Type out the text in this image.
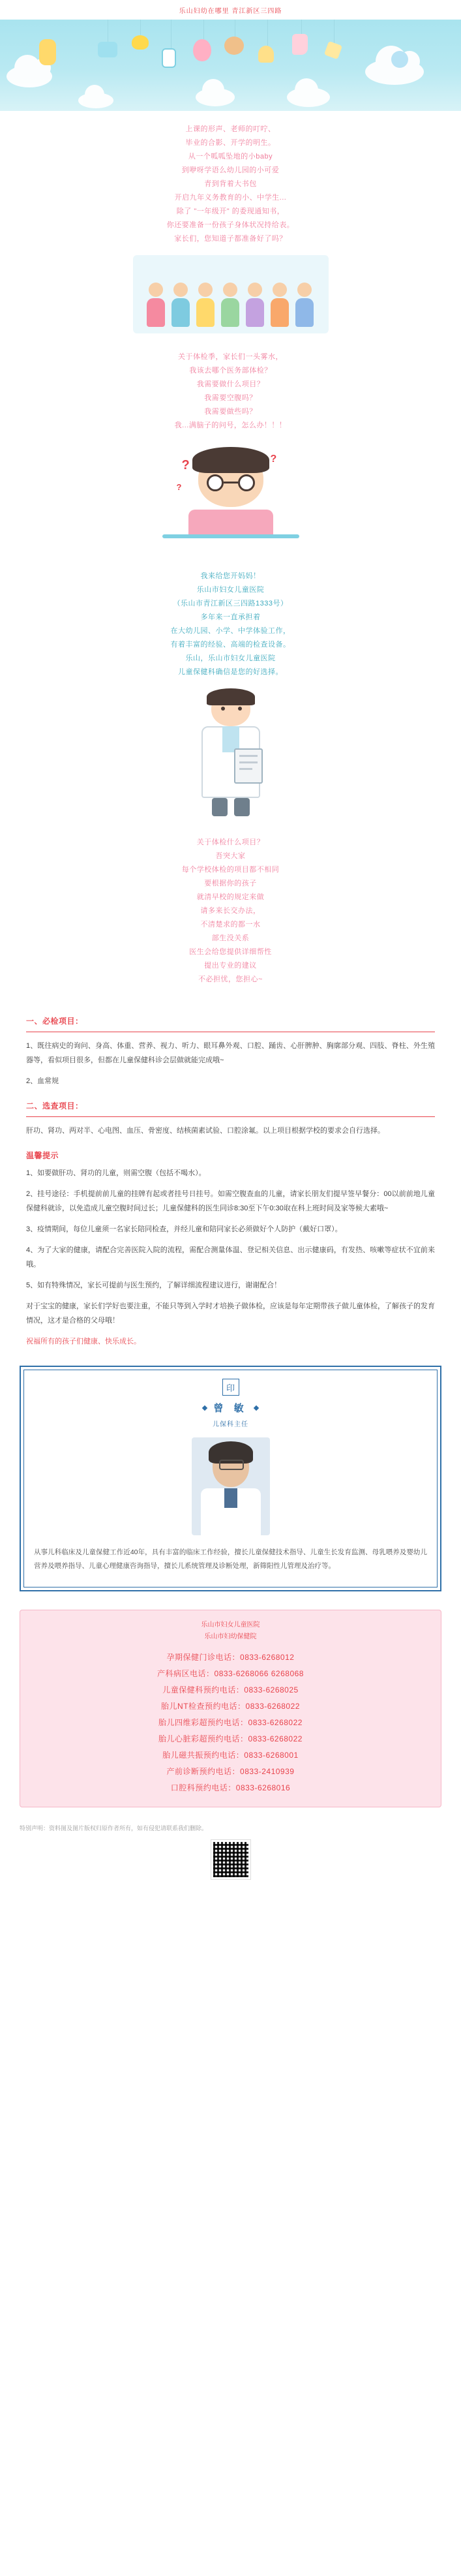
乐山妇幼在哪里 青江新区三四路
上课的形声、老师的叮咛、
毕业的合影、开学的明生。
从一个呱呱坠地的小baby
到咿呀学语么幼儿园的小可爱
青到背着大书包
开启九年义务教育的小、中学生...
除了 "一年级开" 的委现通知书，
你还要准备一份孩子身体状况持给表。
家长们，您知道子都准备好了吗？
关于体检季，家长们一头雾水，
我该去哪个医务部体检？
我需要做什么项目？
我需要空腹吗？
我需要做些吗？
我...满脑子的问号，怎么办！！！
?	?
?
我来给您开妈妈！
乐山市妇女儿童医院
（乐山市青江新区三四路1333号）
多年来一直承担着
在大幼儿园、小学、中学体验工作，
有着丰富的经验、高端的检查设备。
乐山，乐山市妇女儿童医院
儿童保健科确信是您的好选择。
关于体检什么项目？
吾突大家
每个学校体检的项目都不相同
要根据你的孩子
就清早校的规定来做
请多来长交办法，
不清楚求的都一水
部生没关系
医生会给您提供详细帮性
提出专业的建议
不必担忧，您担心~
一、必检项目：
1、既往病史的询问、身高、体重、营养、视力、听力、眼耳鼻外观、口腔、踊齿、心肝脾肿、胸廓部分观、四肢、脊柱、外生殖器等，看似项目很多，但都在儿童保健科诊会层做就能完成哦~
2、血常规
二、选查项目：
肝功、肾功、两对半、心电图、血压、骨密度、结核菌素试验、口腔涂氟。以上项目根据学校的要求会自行选择。
温馨提示
1、如要做肝功、肾功的儿童，则需空腹（包括不喝水）。
2、挂号途径：手机提前前儿童的挂牌有起或者挂号日挂号。如需空腹查血的儿童，请家长朋友们提早签早餐分：00以前前地儿童保健科就诊，以免造成儿童空腹时间过长；儿童保健科的医生同诊8:30至下午0:30取在科上班时间及家等候大素哦~
3、疫情期间，每位儿童须一名家长陪同检查，并经儿童和陪同家长必须做好个人防护（戴好口罩）。
4、为了大家的健康，请配合完善医院入院的流程，需配合测量体温、登记相关信息、出示健康码，有发热、咳嗽等症状不宜前来哦。
5、如有特殊情况，家长可提前与医生预约，了解详细流程建议进行，谢谢配合！
对于宝宝的健康，家长们学好也要注重，不能只等到入学时才培换子做体检，应该是每年定期带孩子做儿童体检，了解孩子的发育情况，这才是合格的父母哦！
祝福所有的孩子们健康、快乐成长。
印
曾 敏
儿保科主任
从事儿科临床及儿童保健工作近40年，具有丰富的临床工作经验，擅长儿童保健技术指导、儿童生长发育监测、母乳喂养及婴幼儿营养及喂养指导、儿童心理健康咨询指导，擅长儿系统管理及诊断处理，新筛阳性儿管理及治疗等。
乐山市妇女儿童医院
乐山市妇幼保健院
孕期保健门诊电话：0833-6268012
产科病区电话：0833-6268066 6268068
儿童保健科预约电话：0833-6268025
胎儿NT检查预约电话：0833-6268022
胎儿四维彩超预约电话：0833-6268022
胎儿心脏彩超预约电话：0833-6268022
胎儿磁共振预约电话：0833-6268001
产前诊断预约电话：0833-2410939
口腔科预约电话：0833-6268016
特别声明：资料图及图片版权归原作者所有，如有侵犯请联系我们删除。
